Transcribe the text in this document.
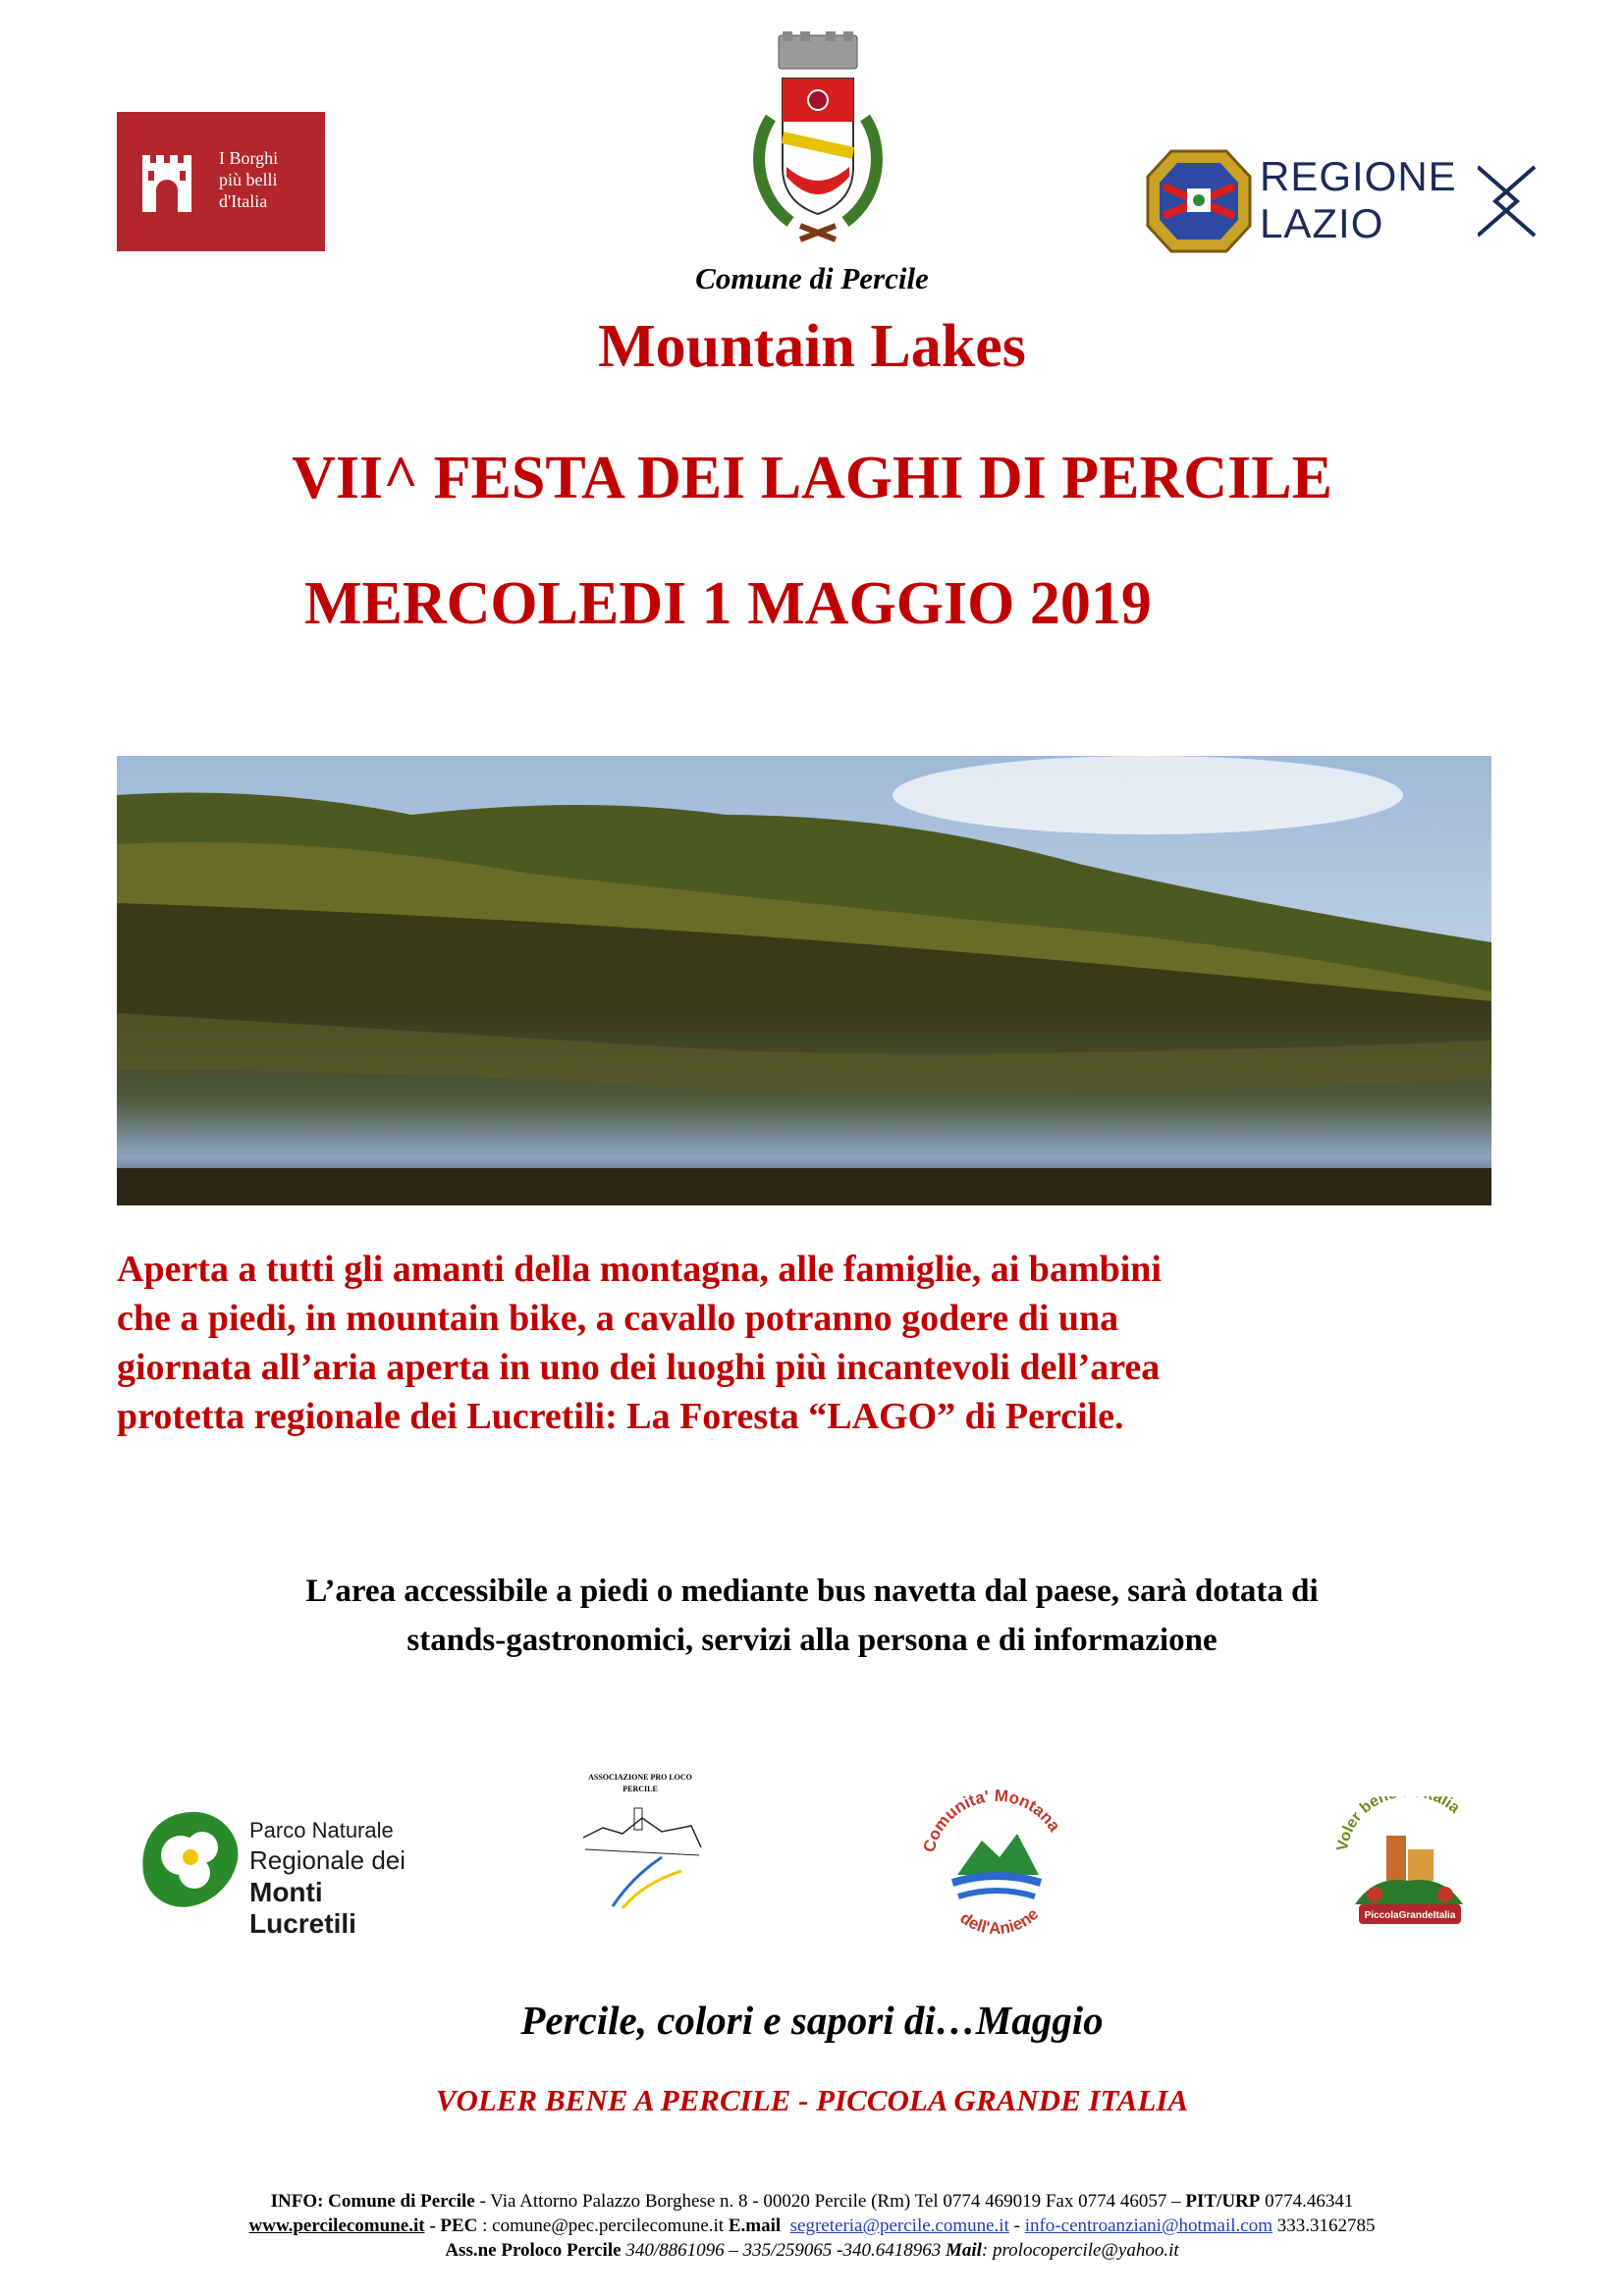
I Borghi
più belli
d'Italia
REGIONE
LAZIO
Comune di Percile
Mountain Lakes
VII^ FESTA DEI LAGHI DI PERCILE
MERCOLEDI 1 MAGGIO 2019
Aperta a tutti gli amanti della montagna, alle famiglie, ai bambini
che a piedi, in mountain bike, a cavallo potranno godere di una
giornata all’aria aperta in uno dei luoghi più incantevoli dell’area
protetta regionale dei Lucretili: La Foresta “LAGO” di Percile.
L’area accessibile a piedi o mediante bus navetta dal paese, sarà dotata di
stands-gastronomici, servizi alla persona e di informazione
Parco Naturale
Regionale dei
Monti Lucretili
ASSOCIAZIONE PRO LOCO
PERCILE
Comunita' Montana
dell'Aniene
Voler ben alia
PiccolaGrandeItalia
Percile, colori e sapori di…Maggio
VOLER BENE A PERCILE - PICCOLA GRANDE ITALIA
INFO: Comune di Percile - Via Attorno Palazzo Borghese n. 8 - 00020 Percile (Rm) Tel 0774 469019 Fax 0774 46057 – PIT/URP 0774.46341
www.percilecomune.it - PEC : comune@pec.percilecomune.it E.mail segreteria@percile.comune.it - info-centroanziani@hotmail.com 333.3162785
Ass.ne Proloco Percile 340/8861096 – 335/259065 -340.6418963 Mail: prolocopercile@yahoo.it
